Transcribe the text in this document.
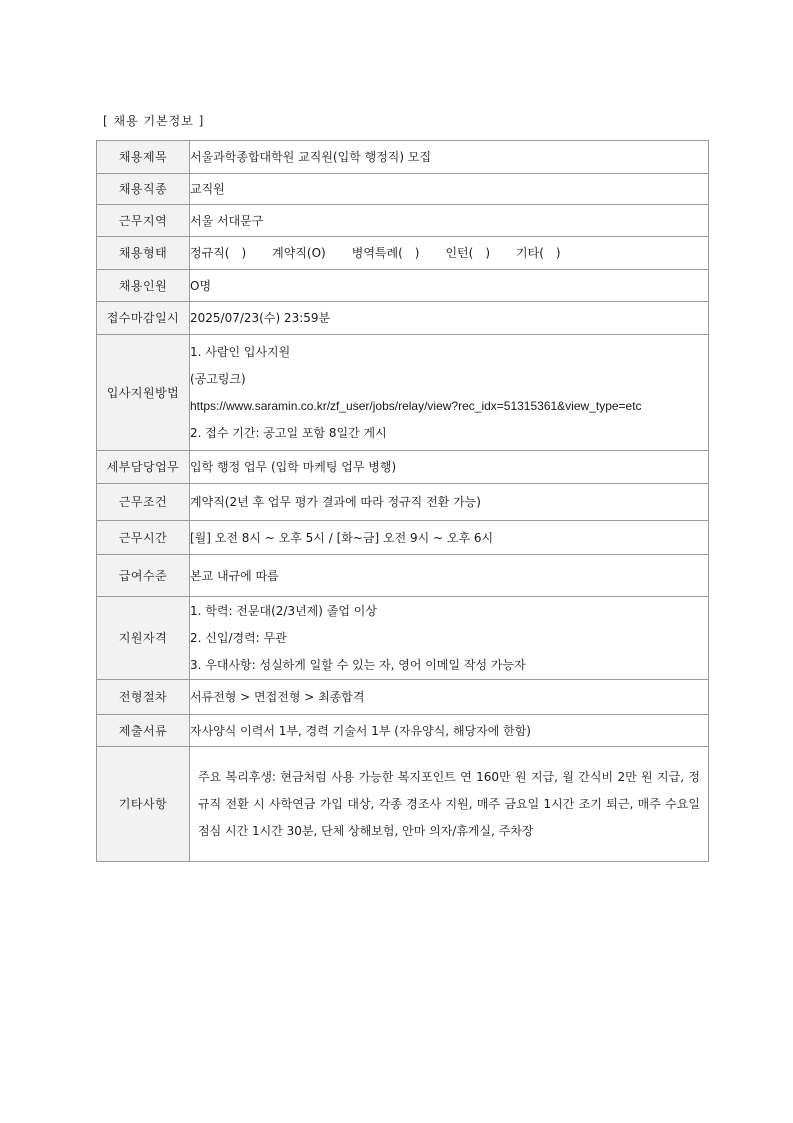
[ 채용 기본정보 ]
채용제목	서울과학종합대학원 교직원(입학 행정직) 모집
채용직종	교직원
근무지역	서울 서대문구
채용형태	정규직(　) 계약직(O) 병역특례(　) 인턴(　) 기타(　)
채용인원	O명
접수마감일시	2025/07/23(수) 23:59분
입사지원방법	1. 사람인 입사지원
(공고링크)
https://www.saramin.co.kr/zf_user/jobs/relay/view?rec_idx=51315361&view_type=etc
2. 접수 기간: 공고일 포함 8일간 게시

세부담당업무	입학 행정 업무 (입학 마케팅 업무 병행)
근무조건	계약직(2년 후 업무 평가 결과에 따라 정규직 전환 가능)
근무시간	[월] 오전 8시 ~ 오후 5시 / [화~금] 오전 9시 ~ 오후 6시
급여수준	본교 내규에 따름
지원자격	1. 학력: 전문대(2/3년제) 졸업 이상
2. 신입/경력: 무관
3. 우대사항: 성실하게 일할 수 있는 자, 영어 이메일 작성 가능자

전형절차	서류전형 > 면접전형 > 최종합격
제출서류	자사양식 이력서 1부, 경력 기술서 1부 (자유양식, 해당자에 한함)
기타사항	주요 복리후생: 현금처럼 사용 가능한 복지포인트 연 160만 원 지급, 월 간식비 2만 원 지급, 정규직 전환 시 사학연금 가입 대상, 각종 경조사 지원, 매주 금요일 1시간 조기 퇴근, 매주 수요일 점심 시간 1시간 30분, 단체 상해보험, 안마 의자/휴게실, 주차장
